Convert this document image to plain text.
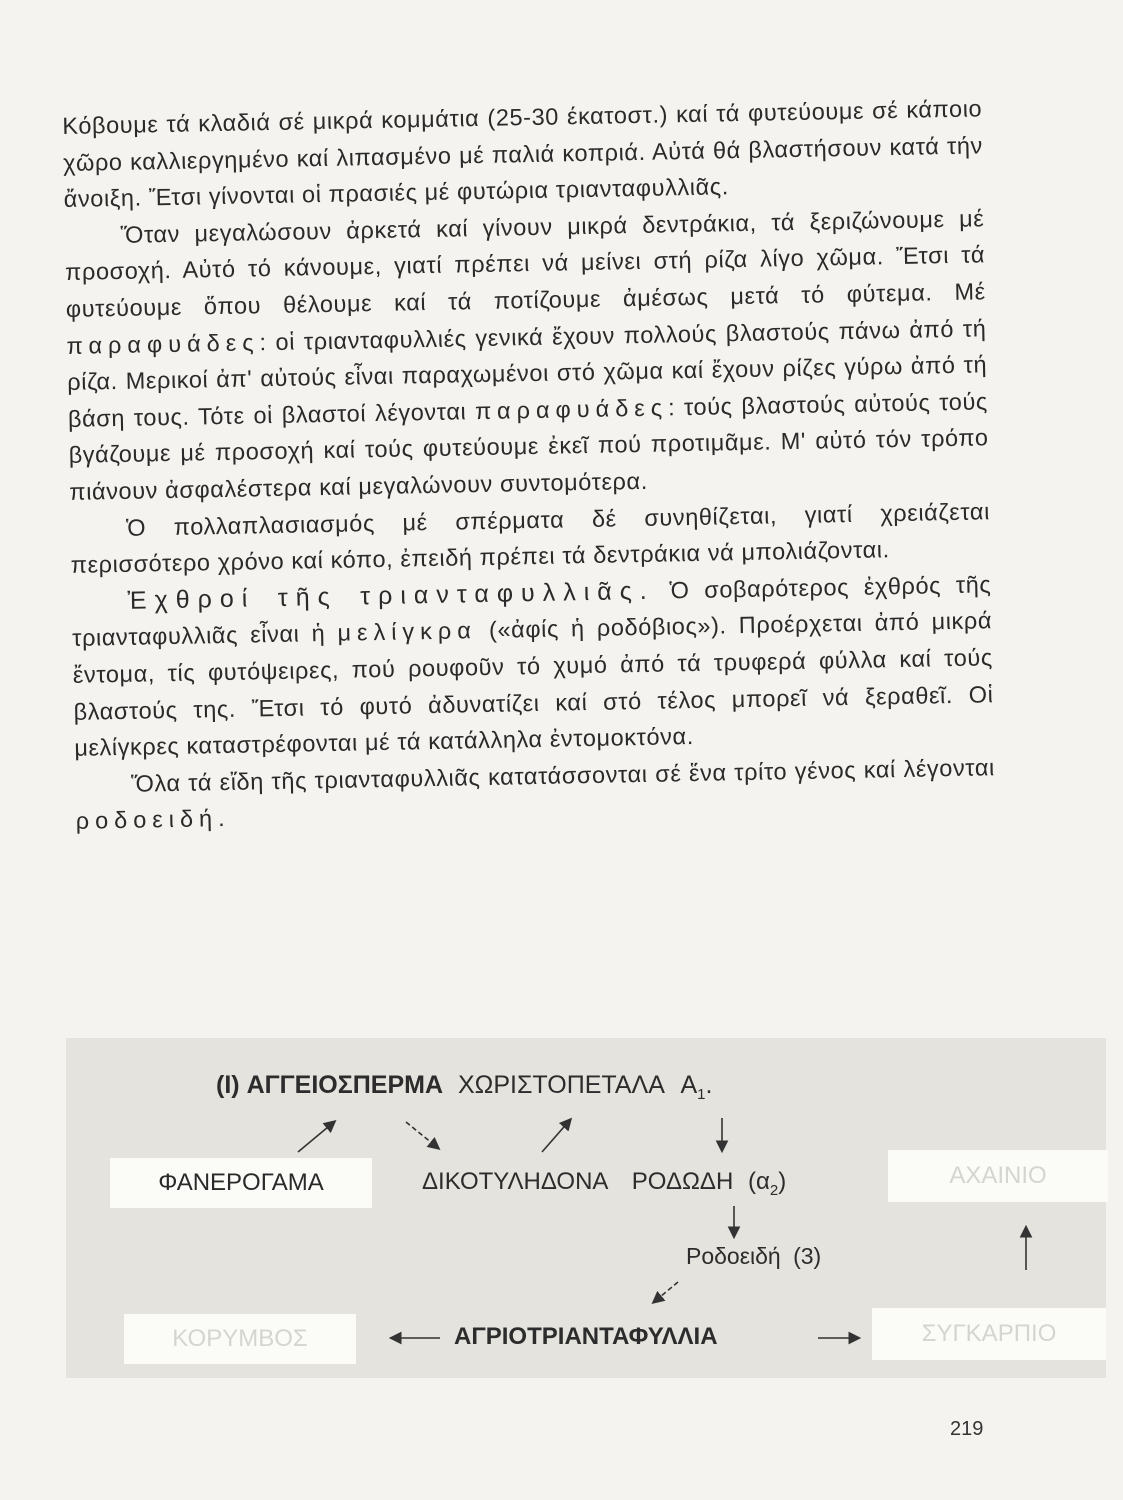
Κόβουμε τά κλαδιά σέ μικρά κομμάτια (25-30 έκατοστ.) καί τά φυτεύουμε σέ κάποιο χῶρο καλλιεργημένο καί λιπασμένο μέ παλιά κοπριά. Αὐτά θά βλαστήσουν κατά τήν ἄνοιξη. Ἔτσι γίνονται οἱ πρασιές μέ φυτώρια τριανταφυλλιᾶς.

Ὅταν μεγαλώσουν ἀρκετά καί γίνουν μικρά δεντράκια, τά ξεριζώνουμε μέ προσοχή. Αὐτό τό κάνουμε, γιατί πρέπει νά μείνει στή ρίζα λίγο χῶμα. Ἔτσι τά φυτεύουμε ὅπου θέλουμε καί τά ποτίζουμε ἀμέσως μετά τό φύτεμα. Μέ παραφυάδες: οἱ τριανταφυλλιές γενικά ἔχουν πολλούς βλαστούς πάνω ἀπό τή ρίζα. Μερικοί ἀπ' αὐτούς εἶναι παραχωμένοι στό χῶμα καί ἔχουν ρίζες γύρω ἀπό τή βάση τους. Τότε οἱ βλαστοί λέγονται παραφυάδες: τούς βλαστούς αὐτούς τούς βγάζουμε μέ προσοχή καί τούς φυτεύουμε ἐκεῖ πού προτιμᾶμε. Μ' αὐτό τόν τρόπο πιάνουν ἀσφαλέστερα καί μεγαλώνουν συντομότερα.

Ὁ πολλαπλασιασμός μέ σπέρματα δέ συνηθίζεται, γιατί χρειάζεται περισσότερο χρόνο καί κόπο, ἐπειδή πρέπει τά δεντράκια νά μπολιάζονται.

Ἐχθροί τῆς τριανταφυλλιᾶς. Ὁ σοβαρότερος ἐχθρός τῆς τριανταφυλλιᾶς εἶναι ἡ μελίγκρα («ἀφίς ἡ ροδόβιος»). Προέρχεται ἀπό μικρά ἔντομα, τίς φυτόψειρες, πού ρουφοῦν τό χυμό ἀπό τά τρυφερά φύλλα καί τούς βλαστούς της. Ἔτσι τό φυτό ἀδυνατίζει καί στό τέλος μπορεῖ νά ξεραθεῖ. Οἱ μελίγκρες καταστρέφονται μέ τά κατάλληλα ἐντομοκτόνα.

Ὅλα τά εἴδη τῆς τριανταφυλλιᾶς κατατάσσονται σέ ἕνα τρίτο γένος καί λέγονται ροδοειδή.

(Ι) ΑΓΓΕΙΟΣΠΕΡΜΑ ΧΩΡΙΣΤΟΠΕΤΑΛΑ $A_1$.
ΦΑΝΕΡΟΓΑΜΑ	ΔΙΚΟΤΥΛΗΔΟΝΑ ΡΟΔΩΔΗ $(\alpha_2)$	ΑΧΑΙΝΙΟ
Ροδοειδή (3)
ΚΟΡΥΜΒΟΣ	ΑΓΡΙΟΤΡΙΑΝΤΑΦΥΛΛΙΑ	ΣΥΓΚΑΡΠΙΟ
219
